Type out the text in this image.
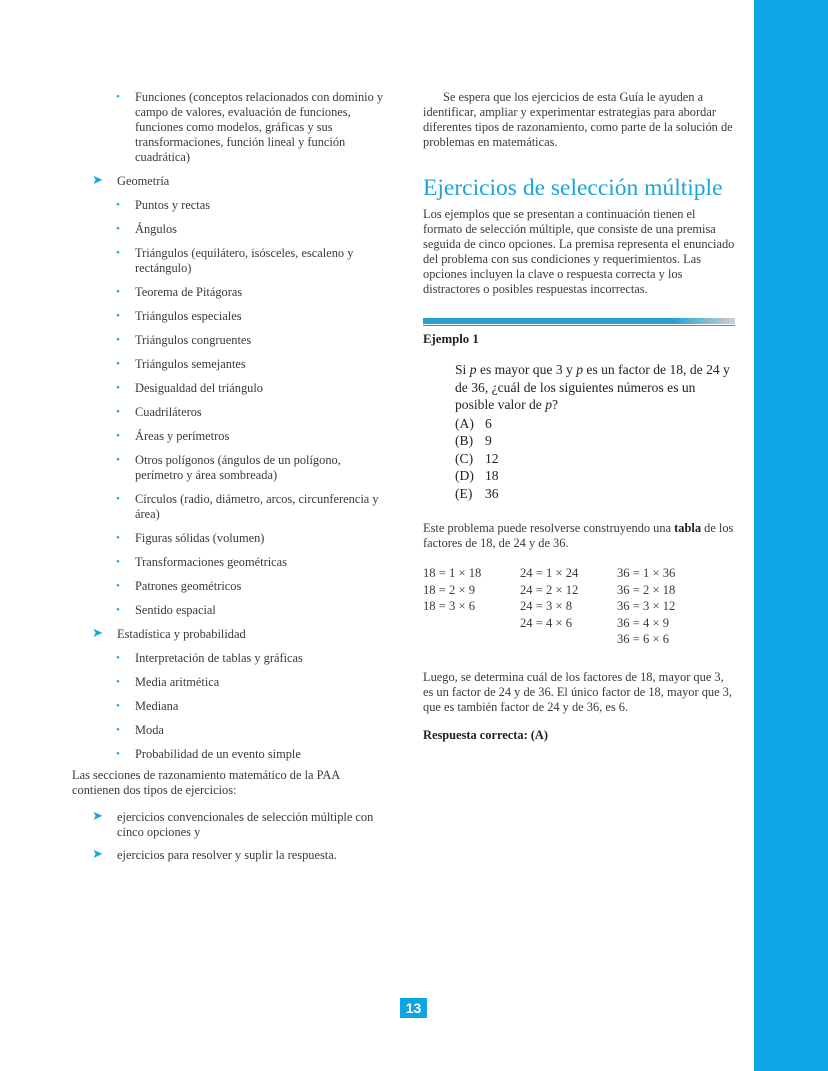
• Funciones (conceptos relacionados con dominio y campo de valores, evaluación de funciones, funciones como modelos, gráficas y sus transformaciones, función lineal y función cuadrática)
➤ Geometría
• Puntos y rectas
• Ángulos
• Triángulos (equilátero, isósceles, escaleno y rectángulo)
• Teorema de Pitágoras
• Triángulos especiales
• Triángulos congruentes
• Triángulos semejantes
• Desigualdad del triángulo
• Cuadriláteros
• Áreas y perímetros
• Otros polígonos (ángulos de un polígono, perímetro y área sombreada)
• Círculos (radio, diámetro, arcos, circunferencia y área)
• Figuras sólidas (volumen)
• Transformaciones geométricas
• Patrones geométricos
• Sentido espacial
➤ Estadística y probabilidad
• Interpretación de tablas y gráficas
• Media aritmética
• Mediana
• Moda
• Probabilidad de un evento simple

Las secciones de razonamiento matemático de la PAA contienen dos tipos de ejercicios:

➤ ejercicios convencionales de selección múltiple con cinco opciones y
➤ ejercicios para resolver y suplir la respuesta.

Se espera que los ejercicios de esta Guía le ayuden a identificar, ampliar y experimentar estrategias para abordar diferentes tipos de razonamiento, como parte de la solución de problemas en matemáticas.

Ejercicios de selección múltiple

Los ejemplos que se presentan a continuación tienen el formato de selección múltiple, que consiste de una premisa seguida de cinco opciones. La premisa representa el enunciado del problema con sus condiciones y requerimientos. Las opciones incluyen la clave o respuesta correcta y los distractores o posibles respuestas incorrectas.

Ejemplo 1
Si p es mayor que 3 y p es un factor de 18, de 24 y de 36, ¿cuál de los siguientes números es un posible valor de p?
(A) 6
(B) 9
(C) 12
(D) 18
(E) 36

Este problema puede resolverse construyendo una tabla de los factores de 18, de 24 y de 36.

18 = 1 × 18
18 = 2 × 9
18 = 3 × 6
24 = 1 × 24
24 = 2 × 12
24 = 3 × 8
24 = 4 × 6
36 = 1 × 36
36 = 2 × 18
36 = 3 × 12
36 = 4 × 9
36 = 6 × 6

Luego, se determina cuál de los factores de 18, mayor que 3, es un factor de 24 y de 36. El único factor de 18, mayor que 3, que es también factor de 24 y de 36, es 6.

Respuesta correcta: (A)

13
